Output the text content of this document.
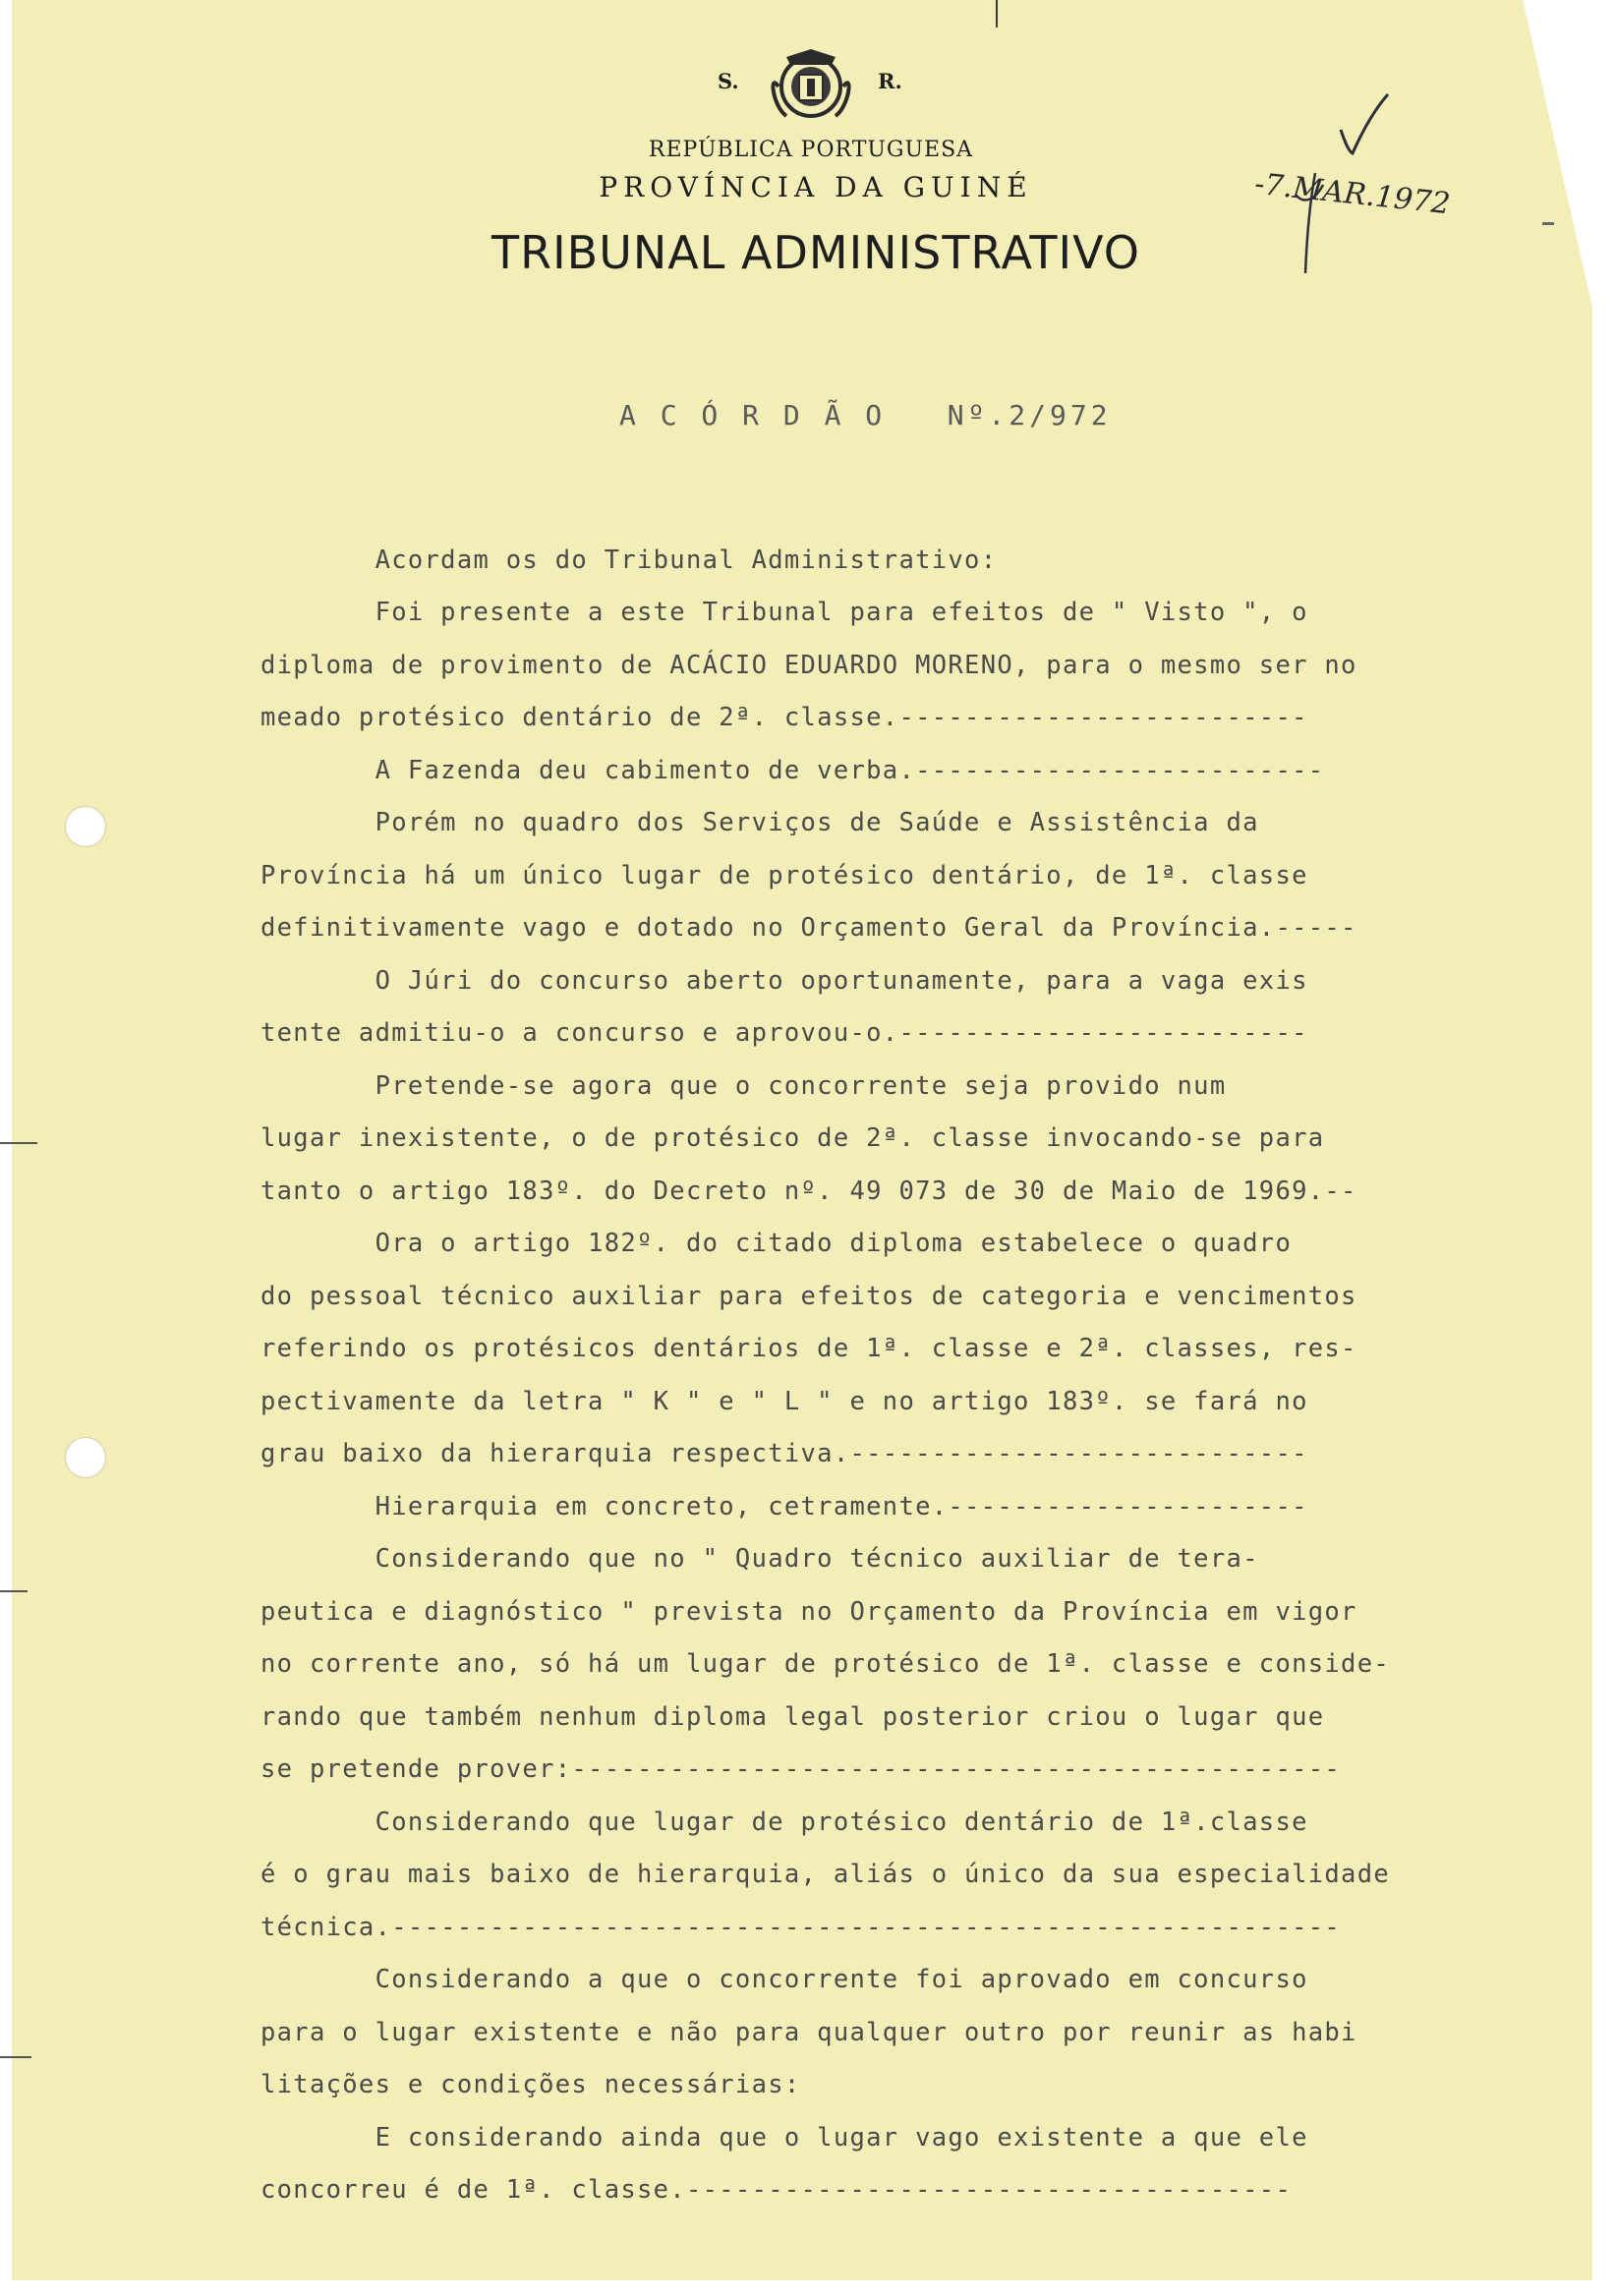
S.	R.
REPÚBLICA PORTUGUESA
PROVÍNCIA DA GUINÉ
TRIBUNAL ADMINISTRATIVO
-7.MAR.1972
A C Ó R D Ã O   Nº.2/972
Acordam os do Tribunal Administrativo:
Foi presente a este Tribunal para efeitos de " Visto ", o
diploma de provimento de ACÁCIO EDUARDO MORENO, para o mesmo ser no
meado protésico dentário de 2ª. classe.-------------------------
A Fazenda deu cabimento de verba.-------------------------
Porém no quadro dos Serviços de Saúde e Assistência da
Província há um único lugar de protésico dentário, de 1ª. classe
definitivamente vago e dotado no Orçamento Geral da Província.-----
O Júri do concurso aberto oportunamente, para a vaga exis
tente admitiu-o a concurso e aprovou-o.-------------------------
Pretende-se agora que o concorrente seja provido num
lugar inexistente, o de protésico de 2ª. classe invocando-se para
tanto o artigo 183º. do Decreto nº. 49 073 de 30 de Maio de 1969.--
Ora o artigo 182º. do citado diploma estabelece o quadro
do pessoal técnico auxiliar para efeitos de categoria e vencimentos
referindo os protésicos dentários de 1ª. classe e 2ª. classes, res-
pectivamente da letra " K " e " L " e no artigo 183º. se fará no
grau baixo da hierarquia respectiva.----------------------------
Hierarquia em concreto, cetramente.----------------------
Considerando que no " Quadro técnico auxiliar de tera-
peutica e diagnóstico " prevista no Orçamento da Província em vigor
no corrente ano, só há um lugar de protésico de 1ª. classe e conside-
rando que também nenhum diploma legal posterior criou o lugar que
se pretende prover:-----------------------------------------------
Considerando que lugar de protésico dentário de 1ª.classe
é o grau mais baixo de hierarquia, aliás o único da sua especialidade
técnica.----------------------------------------------------------
Considerando a que o concorrente foi aprovado em concurso
para o lugar existente e não para qualquer outro por reunir as habi
litações e condições necessárias:
E considerando ainda que o lugar vago existente a que ele
concorreu é de 1ª. classe.-------------------------------------
